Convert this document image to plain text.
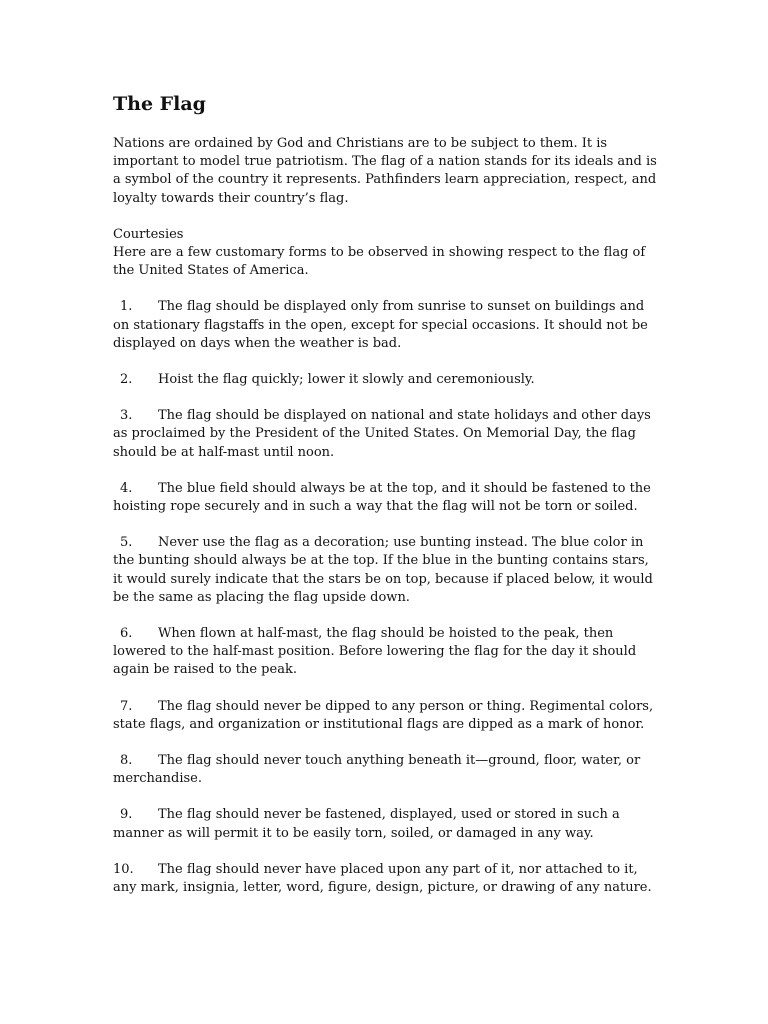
The Flag

Nations are ordained by God and Christians are to be subject to them. It is important to model true patriotism. The flag of a nation stands for its ideals and is a symbol of the country it represents. Pathfinders learn appreciation, respect, and loyalty towards their country’s flag.

Courtesies

Here are a few customary forms to be observed in showing respect to the flag of the United States of America.

1. The flag should be displayed only from sunrise to sunset on buildings and on stationary flagstaffs in the open, except for special occasions. It should not be displayed on days when the weather is bad.

2. Hoist the flag quickly; lower it slowly and ceremoniously.

3. The flag should be displayed on national and state holidays and other days as proclaimed by the President of the United States. On Memorial Day, the flag should be at half-mast until noon.

4. The blue field should always be at the top, and it should be fastened to the hoisting rope securely and in such a way that the flag will not be torn or soiled.

5. Never use the flag as a decoration; use bunting instead. The blue color in the bunting should always be at the top. If the blue in the bunting contains stars, it would surely indicate that the stars be on top, because if placed below, it would be the same as placing the flag upside down.

6. When flown at half-mast, the flag should be hoisted to the peak, then lowered to the half-mast position. Before lowering the flag for the day it should again be raised to the peak.

7. The flag should never be dipped to any person or thing. Regimental colors, state flags, and organization or institutional flags are dipped as a mark of honor.

8. The flag should never touch anything beneath it—ground, floor, water, or merchandise.

9. The flag should never be fastened, displayed, used or stored in such a manner as will permit it to be easily torn, soiled, or damaged in any way.

10. The flag should never have placed upon any part of it, nor attached to it, any mark, insignia, letter, word, figure, design, picture, or drawing of any nature.
